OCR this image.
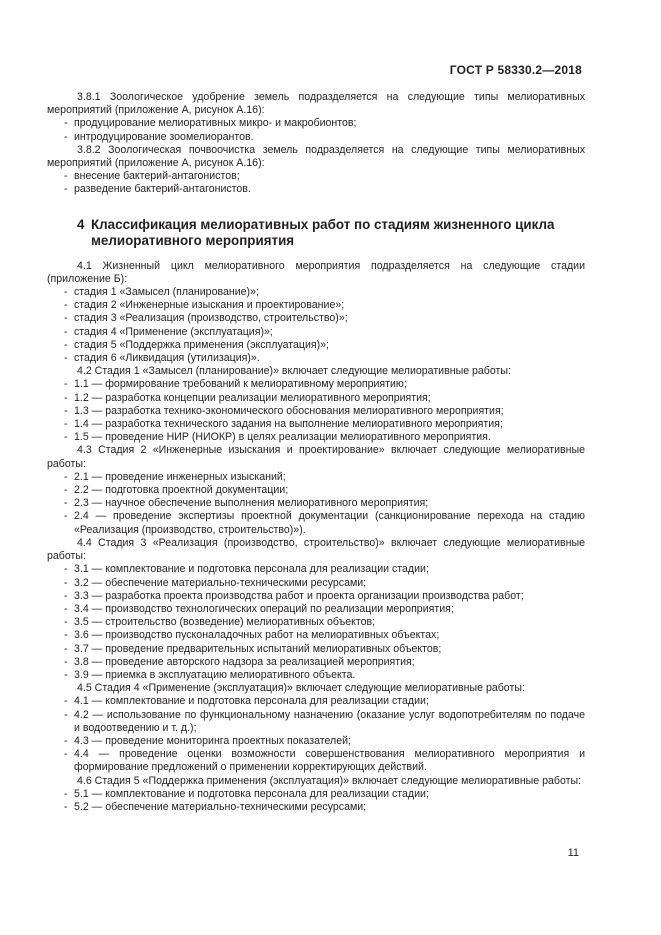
ГОСТ Р 58330.2—2018

3.8.1 Зоологическое удобрение земель подразделяется на следующие типы мелиоративных мероприятий (приложение А, рисунок А.16):

- продуцирование мелиоративных микро- и макробионтов;

- интродуцирование зоомелиорантов.

3.8.2 Зоологическая почвоочистка земель подразделяется на следующие типы мелиоративных мероприятий (приложение А, рисунок А.16):

- внесение бактерий-антагонистов;

- разведение бактерий-антагонистов.

4 Классификация мелиоративных работ по стадиям жизненного цикла
мелиоративного мероприятия

4.1 Жизненный цикл мелиоративного мероприятия подразделяется на следующие стадии (приложение Б):

- стадия 1 «Замысел (планирование)»;

- стадия 2 «Инженерные изыскания и проектирование»;

- стадия 3 «Реализация (производство, строительство)»;

- стадия 4 «Применение (эксплуатация)»;

- стадия 5 «Поддержка применения (эксплуатация)»;

- стадия 6 «Ликвидация (утилизация)».

4.2 Стадия 1 «Замысел (планирование)» включает следующие мелиоративные работы:

- 1.1 — формирование требований к мелиоративному мероприятию;

- 1.2 — разработка концепции реализации мелиоративного мероприятия;

- 1.3 — разработка технико-экономического обоснования мелиоративного мероприятия;

- 1.4 — разработка технического задания на выполнение мелиоративного мероприятия;

- 1.5 — проведение НИР (НИОКР) в целях реализации мелиоративного мероприятия.

4.3 Стадия 2 «Инженерные изыскания и проектирование» включает следующие мелиоративные работы:

- 2.1 — проведение инженерных изысканий;

- 2.2 — подготовка проектной документации;

- 2.3 — научное обеспечение выполнения мелиоративного мероприятия;

- 2.4 — проведение экспертизы проектной документации (санкционирование перехода на стадию «Реализация (производство, строительство)»).

4.4 Стадия 3 «Реализация (производство, строительство)» включает следующие мелиоративные работы:

- 3.1 — комплектование и подготовка персонала для реализации стадии;

- 3.2 — обеспечение материально-техническими ресурсами;

- 3.3 — разработка проекта производства работ и проекта организации производства работ;

- 3.4 — производство технологических операций по реализации мероприятия;

- 3.5 — строительство (возведение) мелиоративных объектов;

- 3.6 — производство пусконаладочных работ на мелиоративных объектах;

- 3.7 — проведение предварительных испытаний мелиоративных объектов;

- 3.8 — проведение авторского надзора за реализацией мероприятия;

- 3.9 — приемка в эксплуатацию мелиоративного объекта.

4.5 Стадия 4 «Применение (эксплуатация)» включает следующие мелиоративные работы:

- 4.1 — комплектование и подготовка персонала для реализации стадии;

- 4.2 — использование по функциональному назначению (оказание услуг водопотребителям по подаче и водоотведению и т. д.);

- 4.3 — проведение мониторинга проектных показателей;

- 4.4 — проведение оценки возможности совершенствования мелиоративного мероприятия и формирование предложений о применении корректирующих действий.

4.6 Стадия 5 «Поддержка применения (эксплуатация)» включает следующие мелиоративные работы:

- 5.1 — комплектование и подготовка персонала для реализации стадии;

- 5.2 — обеспечение материально-техническими ресурсами;

11
